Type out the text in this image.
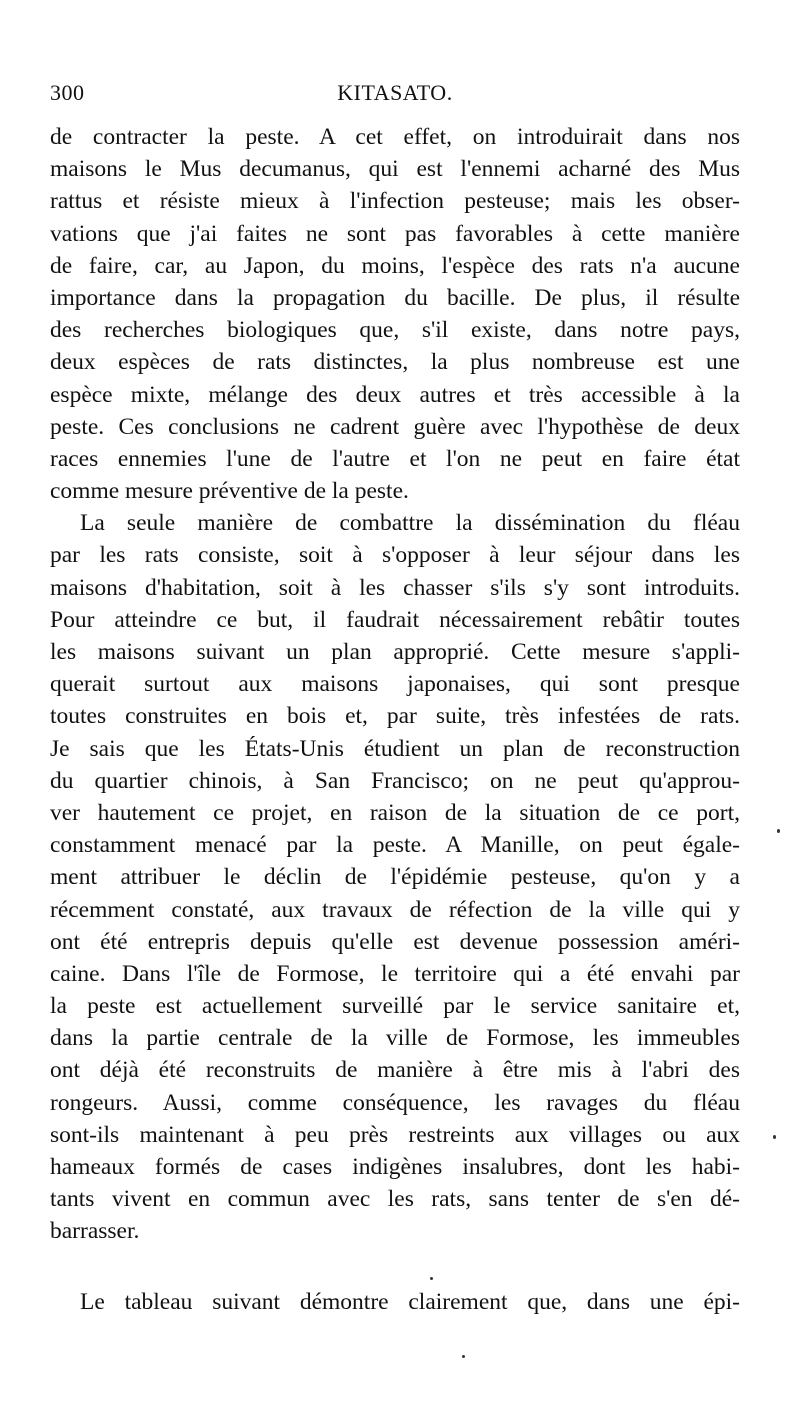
300	KITASATO.
de contracter la peste. A cet effet, on introduirait dans nos
maisons le Mus decumanus, qui est l'ennemi acharné des Mus
rattus et résiste mieux à l'infection pesteuse; mais les obser-
vations que j'ai faites ne sont pas favorables à cette manière
de faire, car, au Japon, du moins, l'espèce des rats n'a aucune
importance dans la propagation du bacille. De plus, il résulte
des recherches biologiques que, s'il existe, dans notre pays,
deux espèces de rats distinctes, la plus nombreuse est une
espèce mixte, mélange des deux autres et très accessible à la
peste. Ces conclusions ne cadrent guère avec l'hypothèse de deux
races ennemies l'une de l'autre et l'on ne peut en faire état
comme mesure préventive de la peste.
La seule manière de combattre la dissémination du fléau
par les rats consiste, soit à s'opposer à leur séjour dans les
maisons d'habitation, soit à les chasser s'ils s'y sont introduits.
Pour atteindre ce but, il faudrait nécessairement rebâtir toutes
les maisons suivant un plan approprié. Cette mesure s'appli-
querait surtout aux maisons japonaises, qui sont presque
toutes construites en bois et, par suite, très infestées de rats.
Je sais que les États-Unis étudient un plan de reconstruction
du quartier chinois, à San Francisco; on ne peut qu'approu-
ver hautement ce projet, en raison de la situation de ce port,
constamment menacé par la peste. A Manille, on peut égale-
ment attribuer le déclin de l'épidémie pesteuse, qu'on y a
récemment constaté, aux travaux de réfection de la ville qui y
ont été entrepris depuis qu'elle est devenue possession améri-
caine. Dans l'île de Formose, le territoire qui a été envahi par
la peste est actuellement surveillé par le service sanitaire et,
dans la partie centrale de la ville de Formose, les immeubles
ont déjà été reconstruits de manière à être mis à l'abri des
rongeurs. Aussi, comme conséquence, les ravages du fléau
sont-ils maintenant à peu près restreints aux villages ou aux
hameaux formés de cases indigènes insalubres, dont les habi-
tants vivent en commun avec les rats, sans tenter de s'en dé-
barrasser.
Le tableau suivant démontre clairement que, dans une épi-
